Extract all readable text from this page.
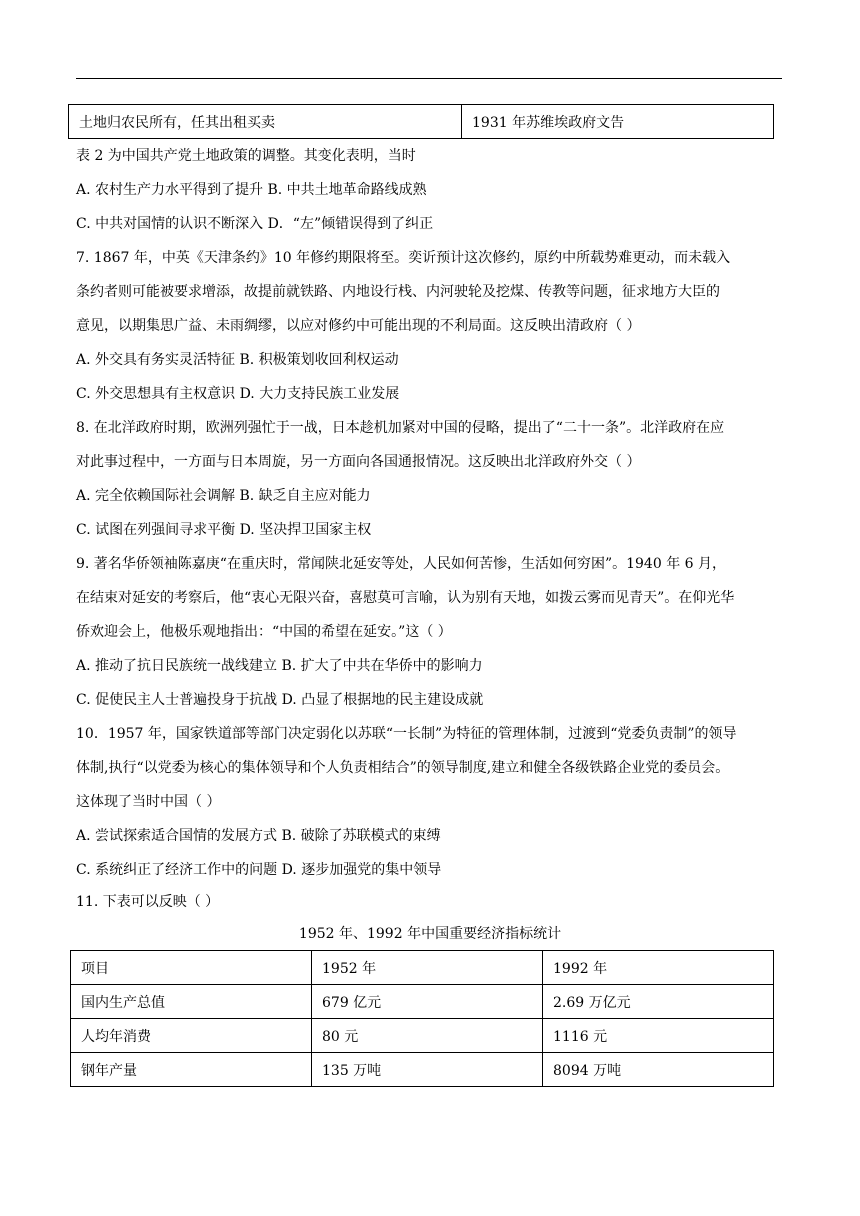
土地归农民所有，任其出租买卖	1931 年苏维埃政府文告
表 2 为中国共产党土地政策的调整。其变化表明，当时
A. 农村生产力水平得到了提升 B. 中共土地革命路线成熟
C. 中共对国情的认识不断深入 D．“左”倾错误得到了纠正
7. 1867 年，中英《天津条约》10 年修约期限将至。奕䜣预计这次修约，原约中所载势难更动，而未载入
条约者则可能被要求增添，故提前就铁路、内地设行栈、内河驶轮及挖煤、传教等问题，征求地方大臣的
意见，以期集思广益、未雨绸缪，以应对修约中可能出现的不利局面。这反映出清政府（ ）
A. 外交具有务实灵活特征 B. 积极策划收回利权运动
C. 外交思想具有主权意识 D. 大力支持民族工业发展
8. 在北洋政府时期，欧洲列强忙于一战，日本趁机加紧对中国的侵略，提出了“二十一条”。北洋政府在应
对此事过程中，一方面与日本周旋，另一方面向各国通报情况。这反映出北洋政府外交（ ）
A. 完全依赖国际社会调解 B. 缺乏自主应对能力
C. 试图在列强间寻求平衡 D. 坚决捍卫国家主权
9. 著名华侨领袖陈嘉庚“在重庆时，常闻陕北延安等处，人民如何苦惨，生活如何穷困”。1940 年 6 月，
在结束对延安的考察后，他“衷心无限兴奋，喜慰莫可言喻，认为别有天地，如拨云雾而见青天”。在仰光华
侨欢迎会上，他极乐观地指出：“中国的希望在延安。”这（ ）
A. 推动了抗日民族统一战线建立 B. 扩大了中共在华侨中的影响力
C. 促使民主人士普遍投身于抗战 D. 凸显了根据地的民主建设成就
10．1957 年，国家铁道部等部门决定弱化以苏联“一长制”为特征的管理体制，过渡到“党委负责制”的领导
体制,执行“以党委为核心的集体领导和个人负责相结合”的领导制度,建立和健全各级铁路企业党的委员会。
这体现了当时中国（ ）
A. 尝试探索适合国情的发展方式 B. 破除了苏联模式的束缚
C. 系统纠正了经济工作中的问题 D. 逐步加强党的集中领导
11. 下表可以反映（ ）
1952 年、1992 年中国重要经济指标统计
项目	1952 年	1992 年
国内生产总值	679 亿元	2.69 万亿元
人均年消费	80 元	1116 元
钢年产量	135 万吨	8094 万吨
